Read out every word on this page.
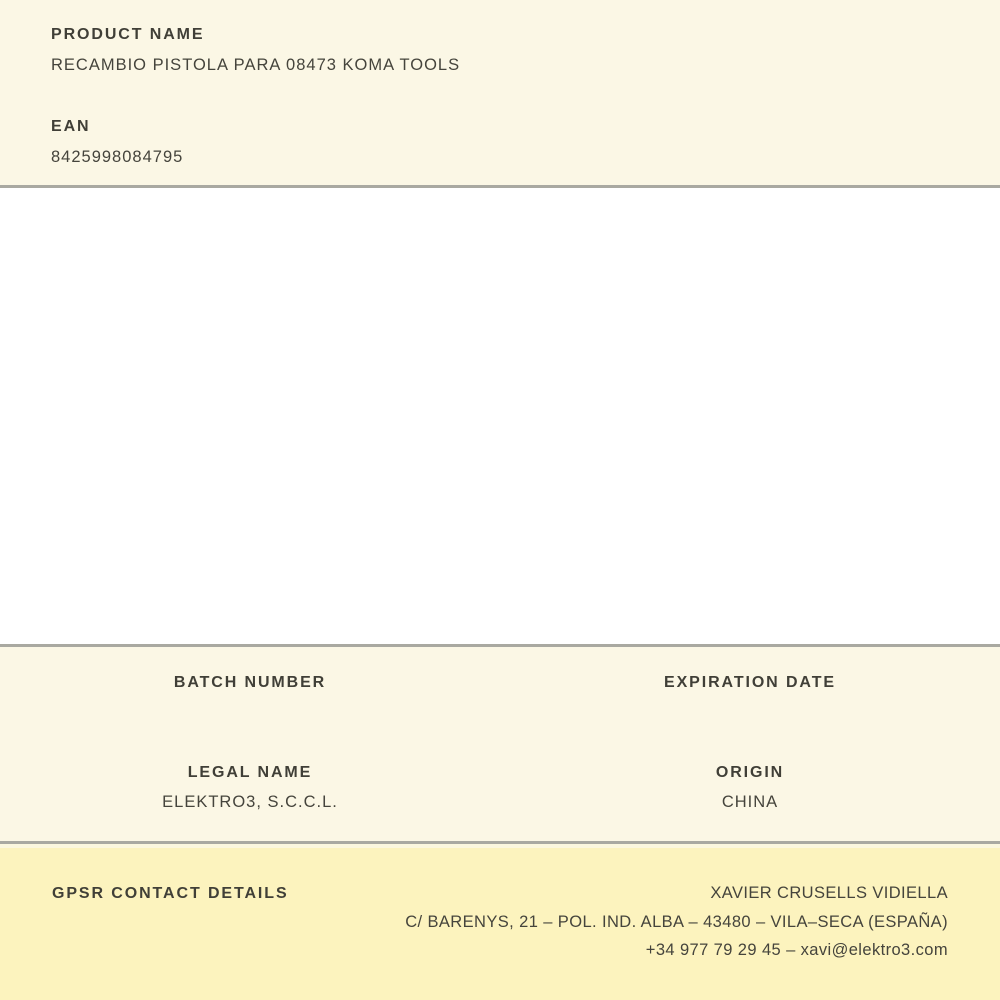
PRODUCT NAME
RECAMBIO PISTOLA PARA 08473 KOMA TOOLS
EAN
8425998084795
BATCH NUMBER
LEGAL NAME
ELEKTRO3, S.C.C.L.
EXPIRATION DATE
ORIGIN
CHINA
GPSR CONTACT DETAILS	XAVIER CRUSELLS VIDIELLA
C/ BARENYS, 21 – POL. IND. ALBA – 43480 – VILA–SECA (ESPAÑA)
+34 977 79 29 45 – xavi@elektro3.com
